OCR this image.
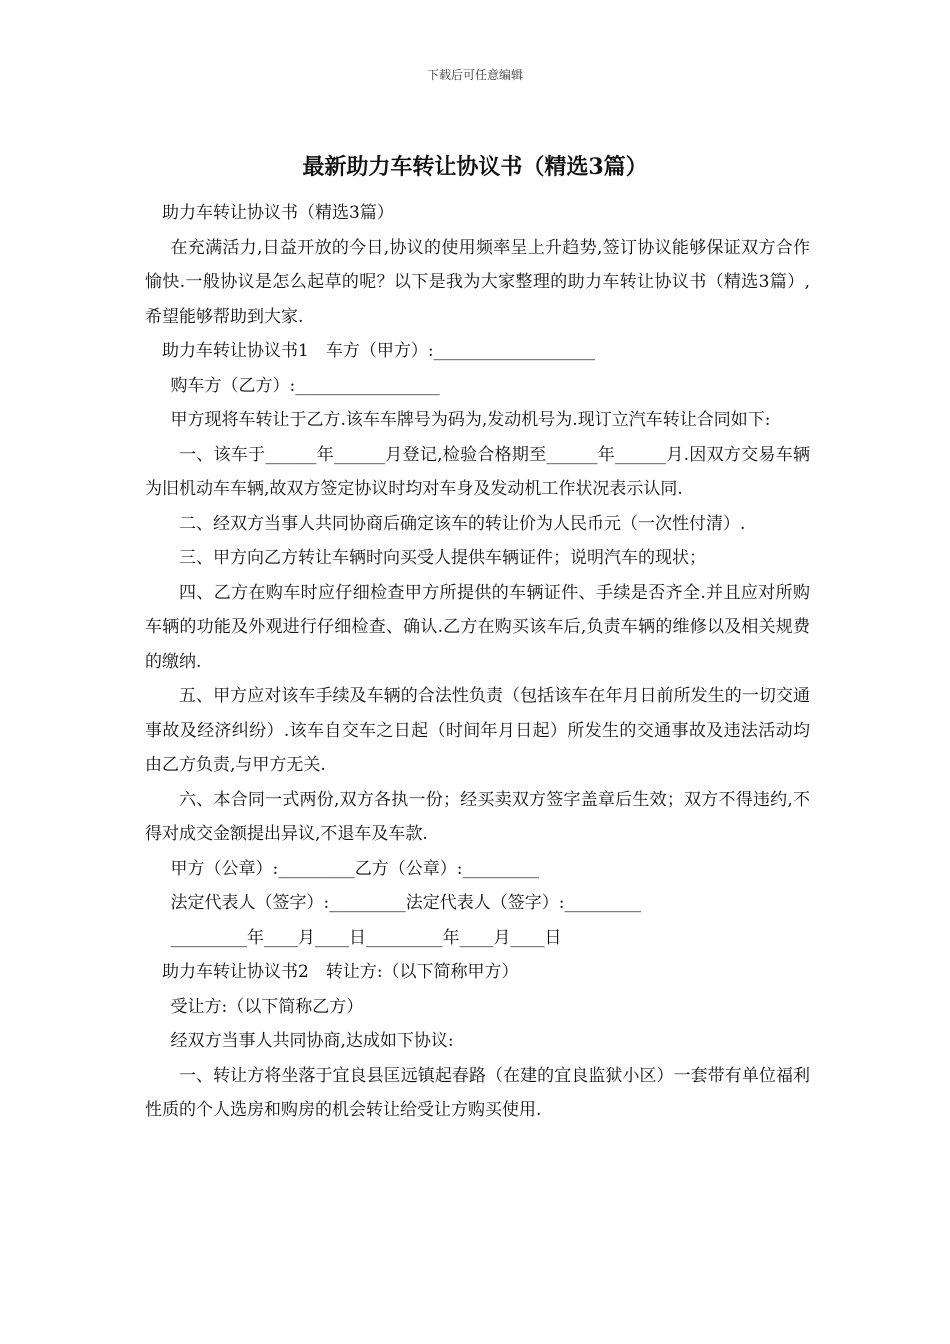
下载后可任意编辑
最新助力车转让协议书（精选3篇）

助力车转让协议书（精选3篇）

在充满活力,日益开放的今日,协议的使用频率呈上升趋势,签订协议能够保证双方合作愉快.一般协议是怎么起草的呢？以下是我为大家整理的助力车转让协议书（精选3篇）,希望能够帮助到大家.

助力车转让协议书1　车方（甲方）:___________________

购车方（乙方）:_________________

甲方现将车转让于乙方.该车车牌号为码为,发动机号为.现订立汽车转让合同如下:

一、该车于______年______月登记,检验合格期至______年______月.因双方交易车辆为旧机动车车辆,故双方签定协议时均对车身及发动机工作状况表示认同.

二、经双方当事人共同协商后确定该车的转让价为人民币元（一次性付清）.

三、甲方向乙方转让车辆时向买受人提供车辆证件；说明汽车的现状；

四、乙方在购车时应仔细检查甲方所提供的车辆证件、手续是否齐全.并且应对所购车辆的功能及外观进行仔细检查、确认.乙方在购买该车后,负责车辆的维修以及相关规费的缴纳.

五、甲方应对该车手续及车辆的合法性负责（包括该车在年月日前所发生的一切交通事故及经济纠纷）.该车自交车之日起（时间年月日起）所发生的交通事故及违法活动均由乙方负责,与甲方无关.

六、本合同一式两份,双方各执一份；经买卖双方签字盖章后生效；双方不得违约,不得对成交金额提出异议,不退车及车款.

甲方（公章）:_________乙方（公章）:_________

法定代表人（签字）:_________法定代表人（签字）:_________

_________年____月____日_________年____月____日

助力车转让协议书2　转让方:（以下简称甲方）

受让方:（以下简称乙方）

经双方当事人共同协商,达成如下协议:

一、转让方将坐落于宜良县匡远镇起春路（在建的宜良监狱小区）一套带有单位福利性质的个人选房和购房的机会转让给受让方购买使用.
